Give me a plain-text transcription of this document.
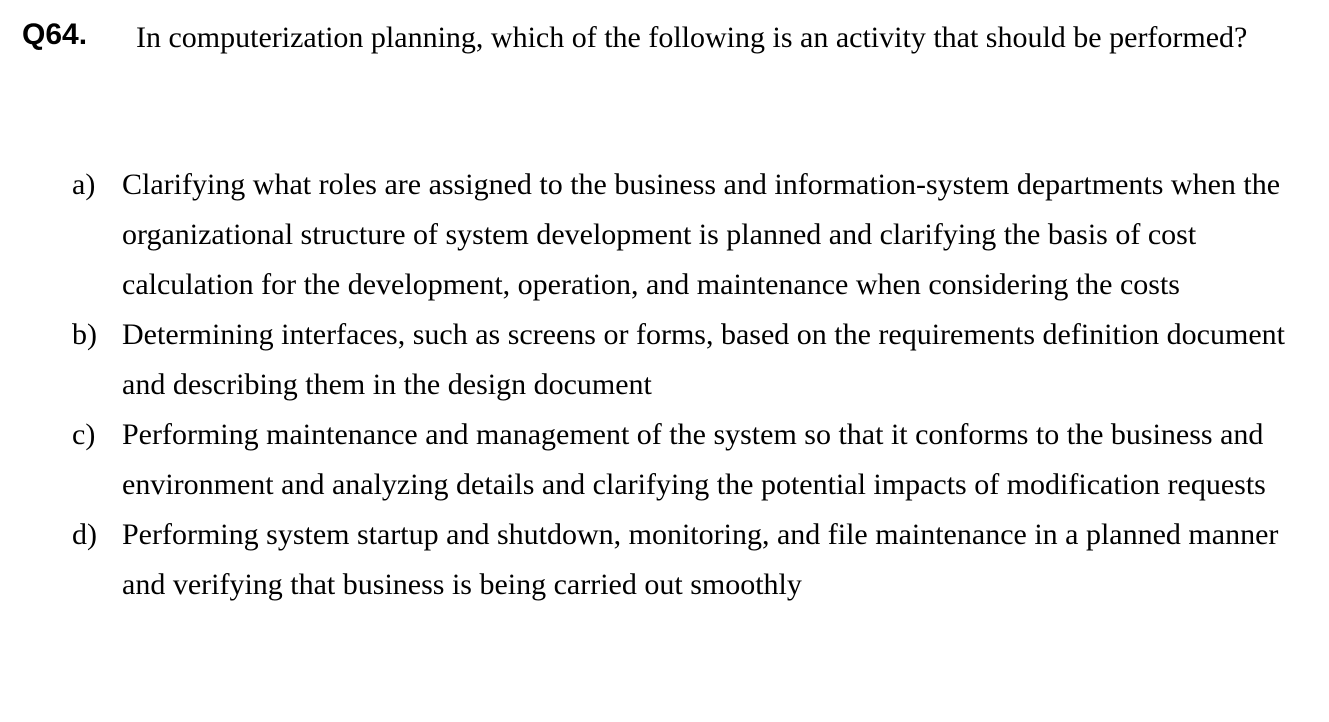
Q64.	In computerization planning, which of the following is an activity that should be performed?
a) Clarifying what roles are assigned to the business and information-system departments when the organizational structure of system development is planned and clarifying the basis of cost calculation for the development, operation, and maintenance when considering the costs
b) Determining interfaces, such as screens or forms, based on the requirements definition document and describing them in the design document
c) Performing maintenance and management of the system so that it conforms to the business and environment and analyzing details and clarifying the potential impacts of modification requests
d) Performing system startup and shutdown, monitoring, and file maintenance in a planned manner and verifying that business is being carried out smoothly
